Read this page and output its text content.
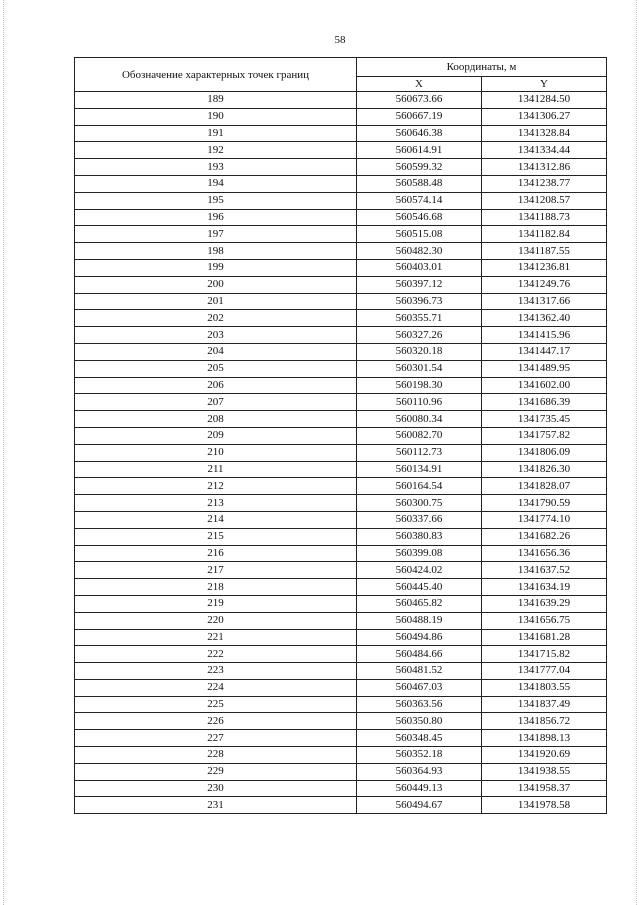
58
Обозначение характерных точек границ	Координаты, м	
	X	Y
189	560673.66	1341284.50
190	560667.19	1341306.27
191	560646.38	1341328.84
192	560614.91	1341334.44
193	560599.32	1341312.86
194	560588.48	1341238.77
195	560574.14	1341208.57
196	560546.68	1341188.73
197	560515.08	1341182.84
198	560482.30	1341187.55
199	560403.01	1341236.81
200	560397.12	1341249.76
201	560396.73	1341317.66
202	560355.71	1341362.40
203	560327.26	1341415.96
204	560320.18	1341447.17
205	560301.54	1341489.95
206	560198.30	1341602.00
207	560110.96	1341686.39
208	560080.34	1341735.45
209	560082.70	1341757.82
210	560112.73	1341806.09
211	560134.91	1341826.30
212	560164.54	1341828.07
213	560300.75	1341790.59
214	560337.66	1341774.10
215	560380.83	1341682.26
216	560399.08	1341656.36
217	560424.02	1341637.52
218	560445.40	1341634.19
219	560465.82	1341639.29
220	560488.19	1341656.75
221	560494.86	1341681.28
222	560484.66	1341715.82
223	560481.52	1341777.04
224	560467.03	1341803.55
225	560363.56	1341837.49
226	560350.80	1341856.72
227	560348.45	1341898.13
228	560352.18	1341920.69
229	560364.93	1341938.55
230	560449.13	1341958.37
231	560494.67	1341978.58
